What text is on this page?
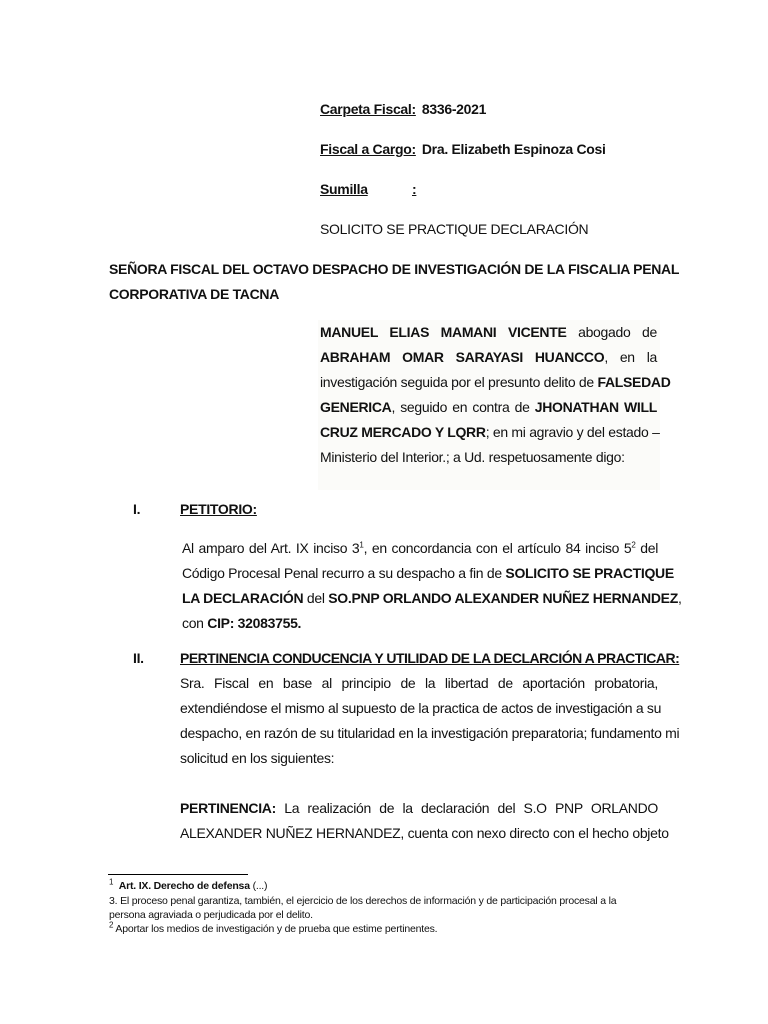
Carpeta Fiscal: 8336-2021
Fiscal a Cargo: Dra. Elizabeth Espinoza Cosi
Sumilla	:
SOLICITO SE PRACTIQUE DECLARACIÓN
SEÑORA FISCAL DEL OCTAVO DESPACHO DE INVESTIGACIÓN DE LA FISCALIA PENAL
CORPORATIVA DE TACNA
MANUEL ELIAS MAMANI VICENTE abogado de
ABRAHAM OMAR SARAYASI HUANCCO, en la
investigación seguida por el presunto delito de FALSEDAD
GENERICA, seguido en contra de JHONATHAN WILL
CRUZ MERCADO Y LQRR; en mi agravio y del estado –
Ministerio del Interior.; a Ud. respetuosamente digo:
I.	PETITORIO:
Al amparo del Art. IX inciso $3^1$, en concordancia con el artículo 84 inciso $5^2$ del
Código Procesal Penal recurro a su despacho a fin de SOLICITO SE PRACTIQUE
LA DECLARACIÓN del SO.PNP ORLANDO ALEXANDER NUÑEZ HERNANDEZ,
con CIP: 32083755.
II.	PERTINENCIA CONDUCENCIA Y UTILIDAD DE LA DECLARCIÓN A PRACTICAR:
Sra. Fiscal en base al principio de la libertad de aportación probatoria,
extendiéndose el mismo al supuesto de la practica de actos de investigación a su
despacho, en razón de su titularidad en la investigación preparatoria; fundamento mi
solicitud en los siguientes:
PERTINENCIA: La realización de la declaración del S.O PNP ORLANDO
ALEXANDER NUÑEZ HERNANDEZ, cuenta con nexo directo con el hecho objeto
$^1$ Art. IX. Derecho de defensa (...)
3. El proceso penal garantiza, también, el ejercicio de los derechos de información y de participación procesal a la
persona agraviada o perjudicada por el delito.
$^2$ Aportar los medios de investigación y de prueba que estime pertinentes.
